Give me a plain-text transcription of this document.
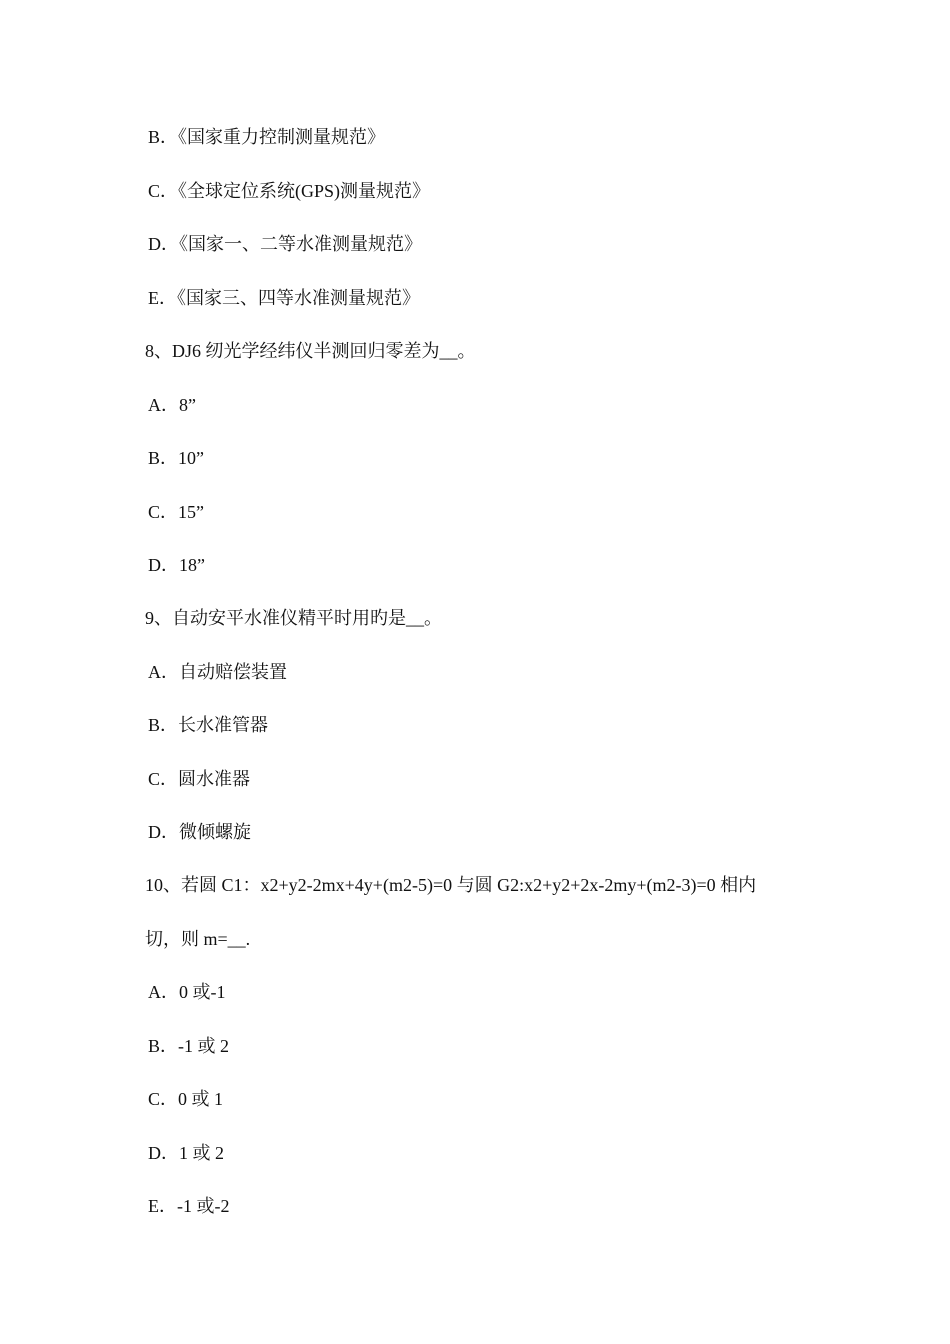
B．《国家重力控制测量规范》
C．《全球定位系统(GPS)测量规范》
D．《国家一、二等水准测量规范》
E．《国家三、四等水准测量规范》
8、DJ6 纫光学经纬仪半测回归零差为__。
A．8”
B．10”
C．15”
D．18”
9、自动安平水准仪精平时用旳是__。
A．自动赔偿装置
B．长水准管器
C．圆水准器
D．微倾螺旋
10、若圆 C1：x2+y2-2mx+4y+(m2-5)=0 与圆 G2:x2+y2+2x-2my+(m2-3)=0 相内
切，则 m=__.
A．0 或-1
B．-1 或 2
C．0 或 1
D．1 或 2
E．-1 或-2
